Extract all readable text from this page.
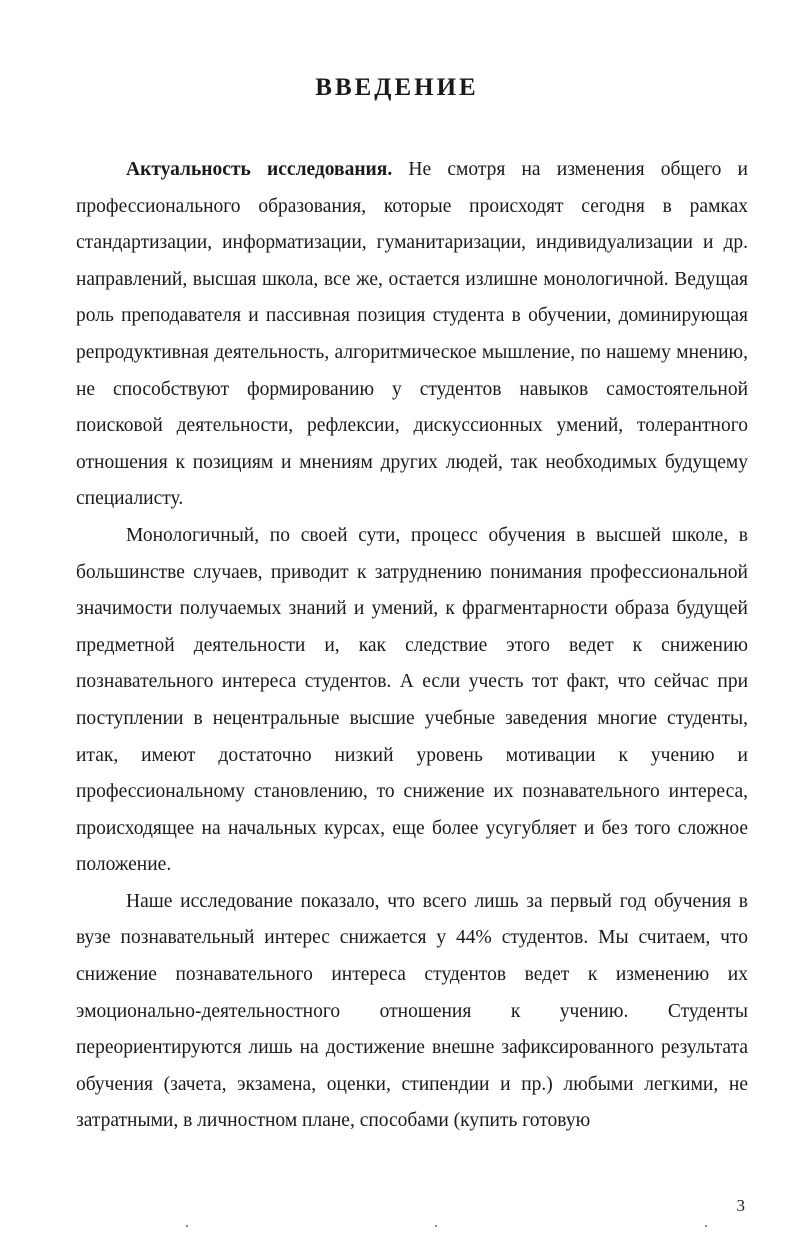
ВВЕДЕНИЕ

Актуальность исследования. Не смотря на изменения общего и профессионального образования, которые происходят сегодня в рамках стандартизации, информатизации, гуманитаризации, индивидуализации и др. направлений, высшая школа, все же, остается излишне монологичной. Ведущая роль преподавателя и пассивная позиция студента в обучении, доминирующая репродуктивная деятельность, алгоритмическое мышление, по нашему мнению, не способствуют формированию у студентов навыков самостоятельной поисковой деятельности, рефлексии, дискуссионных умений, толерантного отношения к позициям и мнениям других людей, так необходимых будущему специалисту.

Монологичный, по своей сути, процесс обучения в высшей школе, в большинстве случаев, приводит к затруднению понимания профессиональной значимости получаемых знаний и умений, к фрагментарности образа будущей предметной деятельности и, как следствие этого ведет к снижению познавательного интереса студентов. А если учесть тот факт, что сейчас при поступлении в нецентральные высшие учебные заведения многие студенты, итак, имеют достаточно низкий уровень мотивации к учению и профессиональному становлению, то снижение их познавательного интереса, происходящее на начальных курсах, еще более усугубляет и без того сложное положение.

Наше исследование показало, что всего лишь за первый год обучения в вузе познавательный интерес снижается у 44% студентов. Мы считаем, что снижение познавательного интереса студентов ведет к изменению их эмоционально-деятельностного отношения к учению. Студенты переориентируются лишь на достижение внешне зафиксированного результата обучения (зачета, экзамена, оценки, стипендии и пр.) любыми легкими, не затратными, в личностном плане, способами (купить готовую

3
